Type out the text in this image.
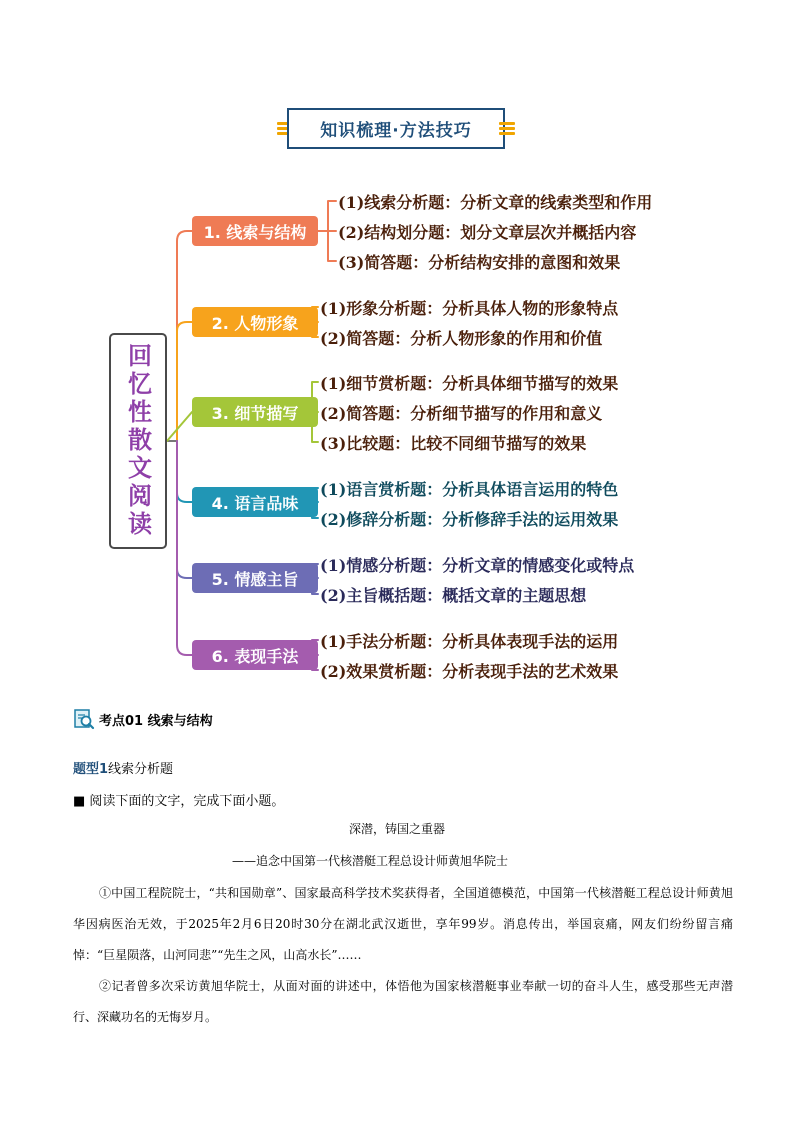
知识梳理·方法技巧
回忆性散文阅读
1. 线索与结构
2. 人物形象
3. 细节描写
4. 语言品味
5. 情感主旨
6. 表现手法
(1)线索分析题：分析文章的线索类型和作用
(2)结构划分题：划分文章层次并概括内容
(3)简答题：分析结构安排的意图和效果
(1)形象分析题：分析具体人物的形象特点
(2)简答题：分析人物形象的作用和价值
(1)细节赏析题：分析具体细节描写的效果
(2)简答题：分析细节描写的作用和意义
(3)比较题：比较不同细节描写的效果
(1)语言赏析题：分析具体语言运用的特色
(2)修辞分析题：分析修辞手法的运用效果
(1)情感分析题：分析文章的情感变化或特点
(2)主旨概括题：概括文章的主题思想
(1)手法分析题：分析具体表现手法的运用
(2)效果赏析题：分析表现手法的艺术效果
考点01 线索与结构
题型1线索分析题
■ 阅读下面的文字，完成下面小题。
深潜，铸国之重器
——追念中国第一代核潜艇工程总设计师黄旭华院士

①中国工程院院士，“共和国勋章”、国家最高科学技术奖获得者，全国道德模范，中国第一代核潜艇工程总设计师黄旭华因病医治无效，于2025年2月6日20时30分在湖北武汉逝世，享年99岁。消息传出，举国哀痛，网友们纷纷留言痛悼：“巨星陨落，山河同悲”“先生之风，山高水长”……

②记者曾多次采访黄旭华院士，从面对面的讲述中，体悟他为国家核潜艇事业奉献一切的奋斗人生，感受那些无声潜行、深藏功名的无悔岁月。
